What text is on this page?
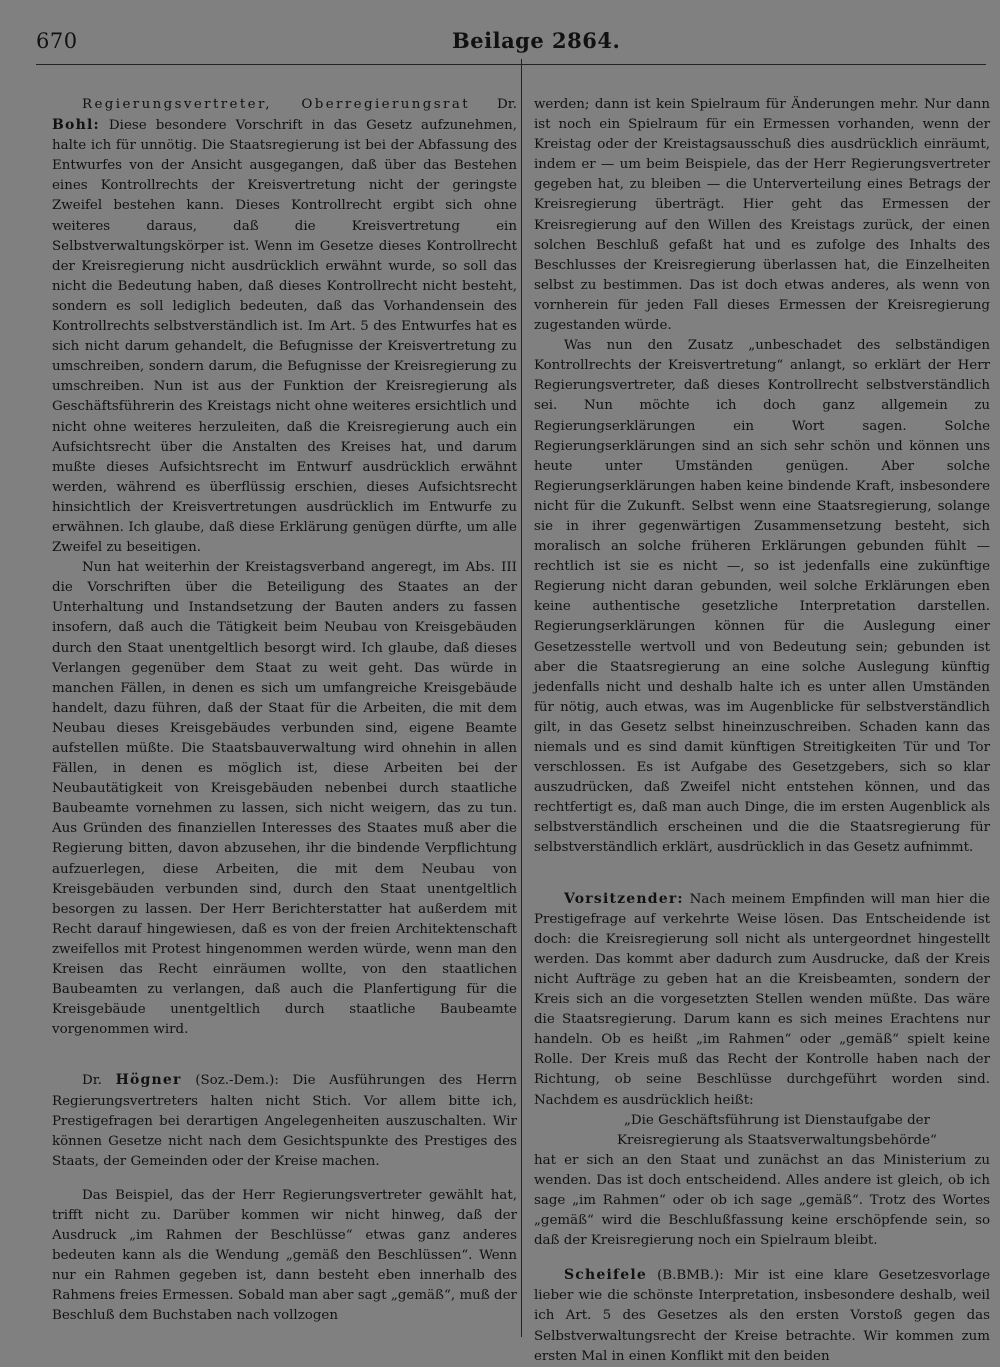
670	Beilage 2864.

Regierungsvertreter, Oberregierungsrat Dr. Bohl: Diese besondere Vorschrift in das Gesetz aufzunehmen, halte ich für unnötig. Die Staatsregierung ist bei der Abfassung des Entwurfes von der Ansicht ausgegangen, daß über das Bestehen eines Kontrollrechts der Kreisvertretung nicht der geringste Zweifel bestehen kann. Dieses Kontrollrecht ergibt sich ohne weiteres daraus, daß die Kreisvertretung ein Selbstverwaltungskörper ist. Wenn im Gesetze dieses Kontrollrecht der Kreisregierung nicht ausdrücklich erwähnt wurde, so soll das nicht die Bedeutung haben, daß dieses Kontrollrecht nicht besteht, sondern es soll lediglich bedeuten, daß das Vorhandensein des Kontrollrechts selbstverständlich ist. Im Art. 5 des Entwurfes hat es sich nicht darum gehandelt, die Befugnisse der Kreisvertretung zu umschreiben, sondern darum, die Befugnisse der Kreisregierung zu umschreiben. Nun ist aus der Funktion der Kreisregierung als Geschäftsführerin des Kreistags nicht ohne weiteres ersichtlich und nicht ohne weiteres herzuleiten, daß die Kreisregierung auch ein Aufsichtsrecht über die Anstalten des Kreises hat, und darum mußte dieses Aufsichtsrecht im Entwurf ausdrücklich erwähnt werden, während es überflüssig erschien, dieses Aufsichtsrecht hinsichtlich der Kreisvertretungen ausdrücklich im Entwurfe zu erwähnen. Ich glaube, daß diese Erklärung genügen dürfte, um alle Zweifel zu beseitigen.

Nun hat weiterhin der Kreistagsverband angeregt, im Abs. III die Vorschriften über die Beteiligung des Staates an der Unterhaltung und Instandsetzung der Bauten anders zu fassen insofern, daß auch die Tätigkeit beim Neubau von Kreisgebäuden durch den Staat unentgeltlich besorgt wird. Ich glaube, daß dieses Verlangen gegenüber dem Staat zu weit geht. Das würde in manchen Fällen, in denen es sich um umfangreiche Kreisgebäude handelt, dazu führen, daß der Staat für die Arbeiten, die mit dem Neubau dieses Kreisgebäudes verbunden sind, eigene Beamte aufstellen müßte. Die Staatsbauverwaltung wird ohnehin in allen Fällen, in denen es möglich ist, diese Arbeiten bei der Neubautätigkeit von Kreisgebäuden nebenbei durch staatliche Baubeamte vornehmen zu lassen, sich nicht weigern, das zu tun. Aus Gründen des finanziellen Interesses des Staates muß aber die Regierung bitten, davon abzusehen, ihr die bindende Verpflichtung aufzuerlegen, diese Arbeiten, die mit dem Neubau von Kreisgebäuden verbunden sind, durch den Staat unentgeltlich besorgen zu lassen. Der Herr Berichterstatter hat außerdem mit Recht darauf hingewiesen, daß es von der freien Architektenschaft zweifellos mit Protest hingenommen werden würde, wenn man den Kreisen das Recht einräumen wollte, von den staatlichen Baubeamten zu verlangen, daß auch die Planfertigung für die Kreisgebäude unentgeltlich durch staatliche Baubeamte vorgenommen wird.

Dr. Högner (Soz.-Dem.): Die Ausführungen des Herrn Regierungsvertreters halten nicht Stich. Vor allem bitte ich, Prestigefragen bei derartigen Angelegenheiten auszuschalten. Wir können Gesetze nicht nach dem Gesichtspunkte des Prestiges des Staats, der Gemeinden oder der Kreise machen.

Das Beispiel, das der Herr Regierungsvertreter gewählt hat, trifft nicht zu. Darüber kommen wir nicht hinweg, daß der Ausdruck „im Rahmen der Beschlüsse“ etwas ganz anderes bedeuten kann als die Wendung „gemäß den Beschlüssen“. Wenn nur ein Rahmen gegeben ist, dann besteht eben innerhalb des Rahmens freies Ermessen. Sobald man aber sagt „gemäß“, muß der Beschluß dem Buchstaben nach vollzogen

werden; dann ist kein Spielraum für Änderungen mehr. Nur dann ist noch ein Spielraum für ein Ermessen vorhanden, wenn der Kreistag oder der Kreistagsausschuß dies ausdrücklich einräumt, indem er — um beim Beispiele, das der Herr Regierungsvertreter gegeben hat, zu bleiben — die Unterverteilung eines Betrags der Kreisregierung überträgt. Hier geht das Ermessen der Kreisregierung auf den Willen des Kreistags zurück, der einen solchen Beschluß gefaßt hat und es zufolge des Inhalts des Beschlusses der Kreisregierung überlassen hat, die Einzelheiten selbst zu bestimmen. Das ist doch etwas anderes, als wenn von vornherein für jeden Fall dieses Ermessen der Kreisregierung zugestanden würde.

Was nun den Zusatz „unbeschadet des selbständigen Kontrollrechts der Kreisvertretung“ anlangt, so erklärt der Herr Regierungsvertreter, daß dieses Kontrollrecht selbstverständlich sei. Nun möchte ich doch ganz allgemein zu Regierungserklärungen ein Wort sagen. Solche Regierungserklärungen sind an sich sehr schön und können uns heute unter Umständen genügen. Aber solche Regierungserklärungen haben keine bindende Kraft, insbesondere nicht für die Zukunft. Selbst wenn eine Staatsregierung, solange sie in ihrer gegenwärtigen Zusammensetzung besteht, sich moralisch an solche früheren Erklärungen gebunden fühlt — rechtlich ist sie es nicht —, so ist jedenfalls eine zukünftige Regierung nicht daran gebunden, weil solche Erklärungen eben keine authentische gesetzliche Interpretation darstellen. Regierungserklärungen können für die Auslegung einer Gesetzesstelle wertvoll und von Bedeutung sein; gebunden ist aber die Staatsregierung an eine solche Auslegung künftig jedenfalls nicht und deshalb halte ich es unter allen Umständen für nötig, auch etwas, was im Augenblicke für selbstverständlich gilt, in das Gesetz selbst hineinzuschreiben. Schaden kann das niemals und es sind damit künftigen Streitigkeiten Tür und Tor verschlossen. Es ist Aufgabe des Gesetzgebers, sich so klar auszudrücken, daß Zweifel nicht entstehen können, und das rechtfertigt es, daß man auch Dinge, die im ersten Augenblick als selbstverständlich erscheinen und die die Staatsregierung für selbstverständlich erklärt, ausdrücklich in das Gesetz aufnimmt.

Vorsitzender: Nach meinem Empfinden will man hier die Prestigefrage auf verkehrte Weise lösen. Das Entscheidende ist doch: die Kreisregierung soll nicht als untergeordnet hingestellt werden. Das kommt aber dadurch zum Ausdrucke, daß der Kreis nicht Aufträge zu geben hat an die Kreisbeamten, sondern der Kreis sich an die vorgesetzten Stellen wenden müßte. Das wäre die Staatsregierung. Darum kann es sich meines Erachtens nur handeln. Ob es heißt „im Rahmen“ oder „gemäß“ spielt keine Rolle. Der Kreis muß das Recht der Kontrolle haben nach der Richtung, ob seine Beschlüsse durchgeführt worden sind. Nachdem es ausdrücklich heißt:

„Die Geschäftsführung ist Dienstaufgabe der Kreisregierung als Staatsverwaltungsbehörde“

hat er sich an den Staat und zunächst an das Ministerium zu wenden. Das ist doch entscheidend. Alles andere ist gleich, ob ich sage „im Rahmen“ oder ob ich sage „gemäß“. Trotz des Wortes „gemäß“ wird die Beschlußfassung keine erschöpfende sein, so daß der Kreisregierung noch ein Spielraum bleibt.

Scheifele (B.BMB.): Mir ist eine klare Gesetzesvorlage lieber wie die schönste Interpretation, insbesondere deshalb, weil ich Art. 5 des Gesetzes als den ersten Vorstoß gegen das Selbstverwaltungsrecht der Kreise betrachte. Wir kommen zum ersten Mal in einen Konflikt mit den beiden
